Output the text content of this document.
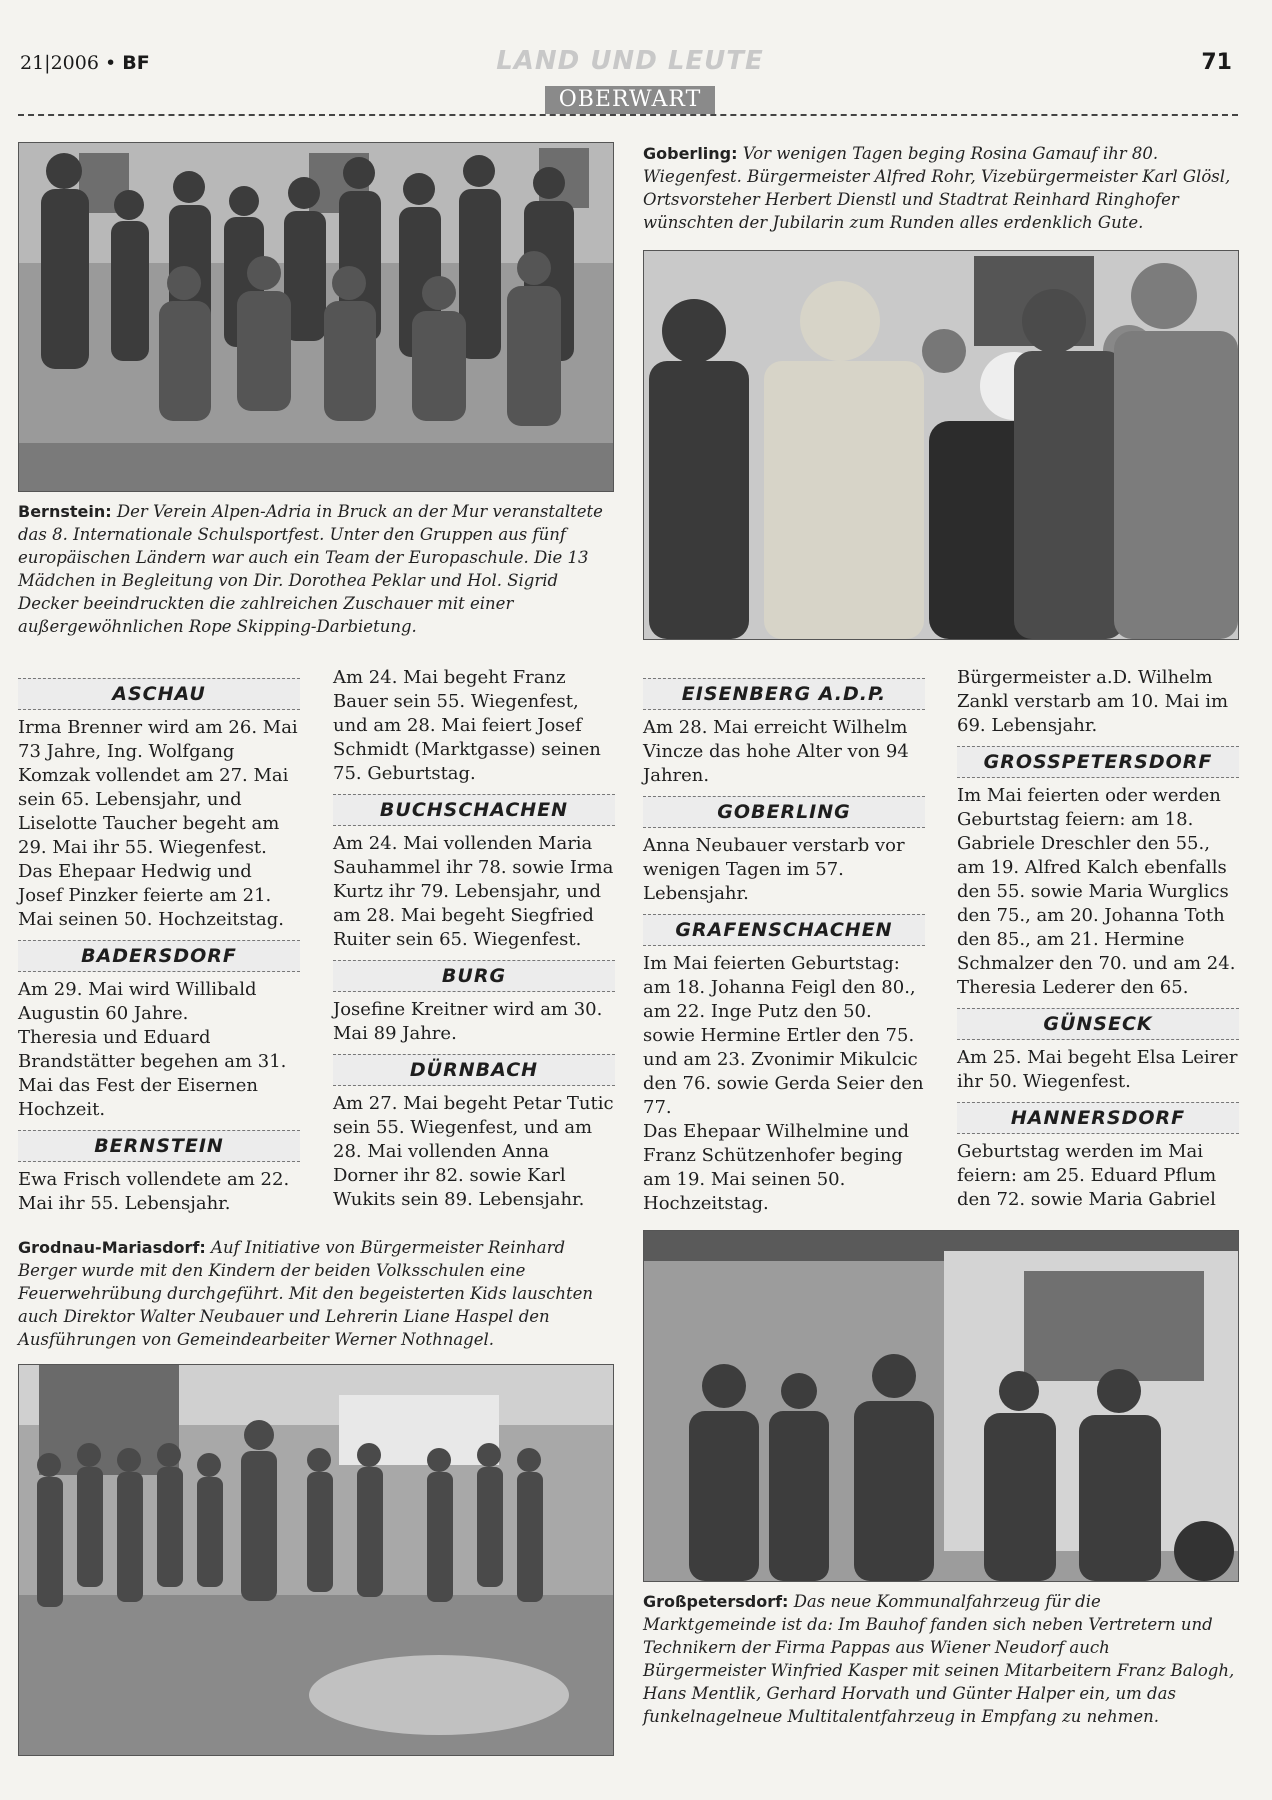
21|2006 • BF	LAND UND LEUTE	71
OBERWART
Bernstein: Der Verein Alpen-Adria in Bruck an der Mur veranstaltete das 8. Internationale Schulsportfest. Unter den Gruppen aus fünf europäischen Ländern war auch ein Team der Europaschule. Die 13 Mädchen in Begleitung von Dir. Dorothea Peklar und Hol. Sigrid Decker beeindruckten die zahlreichen Zuschauer mit einer außergewöhnlichen Rope Skipping-Darbietung.
Goberling: Vor wenigen Tagen beging Rosina Gamauf ihr 80. Wiegenfest. Bürgermeister Alfred Rohr, Vizebürgermeister Karl Glösl, Ortsvorsteher Herbert Dienstl und Stadtrat Reinhard Ringhofer wünschten der Jubilarin zum Runden alles erdenklich Gute.
ASCHAU

Irma Brenner wird am 26. Mai 73 Jahre, Ing. Wolfgang Komzak vollendet am 27. Mai sein 65. Lebensjahr, und Liselotte Taucher begeht am 29. Mai ihr 55. Wiegenfest.

Das Ehepaar Hedwig und Josef Pinzker feierte am 21. Mai seinen 50. Hochzeitstag.

BADERSDORF

Am 29. Mai wird Willibald Augustin 60 Jahre.

Theresia und Eduard Brandstätter begehen am 31. Mai das Fest der Eisernen Hochzeit.

BERNSTEIN

Ewa Frisch vollendete am 22. Mai ihr 55. Lebensjahr.

Am 24. Mai begeht Franz Bauer sein 55. Wiegenfest, und am 28. Mai feiert Josef Schmidt (Marktgasse) seinen 75. Geburtstag.

BUCHSCHACHEN

Am 24. Mai vollenden Maria Sauhammel ihr 78. sowie Irma Kurtz ihr 79. Lebensjahr, und am 28. Mai begeht Siegfried Ruiter sein 65. Wiegenfest.

BURG

Josefine Kreitner wird am 30. Mai 89 Jahre.

DÜRNBACH

Am 27. Mai begeht Petar Tutic sein 55. Wiegenfest, und am 28. Mai vollenden Anna Dorner ihr 82. sowie Karl Wukits sein 89. Lebensjahr.

EISENBERG A.D.P.

Am 28. Mai erreicht Wilhelm Vincze das hohe Alter von 94 Jahren.

GOBERLING

Anna Neubauer verstarb vor wenigen Tagen im 57. Lebensjahr.

GRAFENSCHACHEN

Im Mai feierten Geburtstag: am 18. Johanna Feigl den 80., am 22. Inge Putz den 50. sowie Hermine Ertler den 75. und am 23. Zvonimir Mikulcic den 76. sowie Gerda Seier den 77.

Das Ehepaar Wilhelmine und Franz Schützenhofer beging am 19. Mai seinen 50. Hochzeitstag.

Bürgermeister a.D. Wilhelm Zankl verstarb am 10. Mai im 69. Lebensjahr.

GROSSPETERSDORF

Im Mai feierten oder werden Geburtstag feiern: am 18. Gabriele Dreschler den 55., am 19. Alfred Kalch ebenfalls den 55. sowie Maria Wurglics den 75., am 20. Johanna Toth den 85., am 21. Hermine Schmalzer den 70. und am 24. Theresia Lederer den 65.

GÜNSECK

Am 25. Mai begeht Elsa Leirer ihr 50. Wiegenfest.

HANNERSDORF

Geburtstag werden im Mai feiern: am 25. Eduard Pflum den 72. sowie Maria Gabriel

Grodnau-Mariasdorf: Auf Initiative von Bürgermeister Reinhard Berger wurde mit den Kindern der beiden Volksschulen eine Feuerwehrübung durchgeführt. Mit den begeisterten Kids lauschten auch Direktor Walter Neubauer und Lehrerin Liane Haspel den Ausführungen von Gemeindearbeiter Werner Nothnagel.
Großpetersdorf: Das neue Kommunalfahrzeug für die Marktgemeinde ist da: Im Bauhof fanden sich neben Vertretern und Technikern der Firma Pappas aus Wiener Neudorf auch Bürgermeister Winfried Kasper mit seinen Mitarbeitern Franz Balogh, Hans Mentlik, Gerhard Horvath und Günter Halper ein, um das funkelnagelneue Multitalentfahrzeug in Empfang zu nehmen.
